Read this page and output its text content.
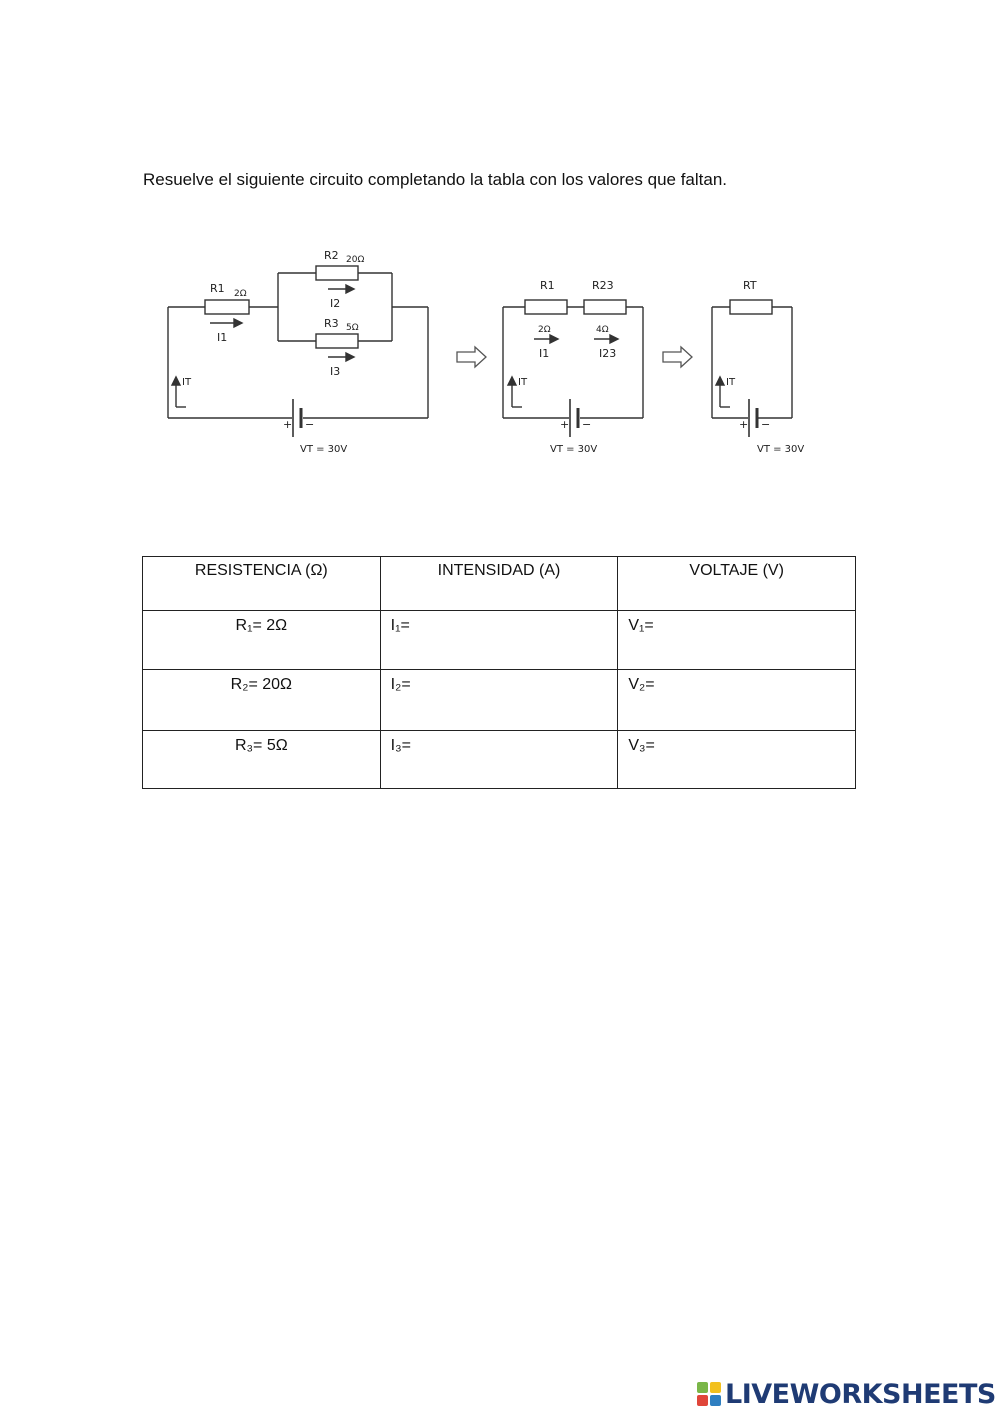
Resuelve el siguiente circuito completando la tabla con los valores que faltan.
R1 2Ω
R2 20Ω
R3 5Ω
I1
I2
I3
IT
+ −
VT = 30V
R1	R23
2Ω	4Ω
I1	I23
IT
+ −
VT = 30V
RT
IT
+ −
VT = 30V
RESISTENCIA (Ω)	INTENSIDAD (A)	VOLTAJE (V)
R₁= 2Ω	I₁=	V₁=
R₂= 20Ω	I₂=	V₂=
R₃= 5Ω	I₃=	V₃=
LIVEWORKSHEETS
